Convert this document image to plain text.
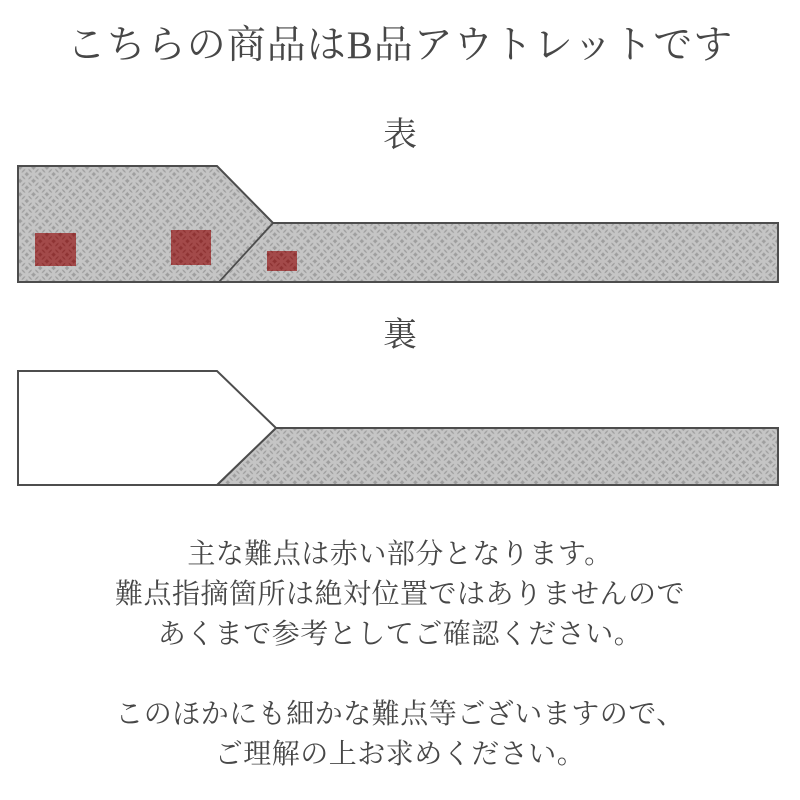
こちらの商品はB品アウトレットです
表
裏
主な難点は赤い部分となります。
難点指摘箇所は絶対位置ではありませんので
あくまで参考としてご確認ください。
このほかにも細かな難点等ございますので、
ご理解の上お求めください。
